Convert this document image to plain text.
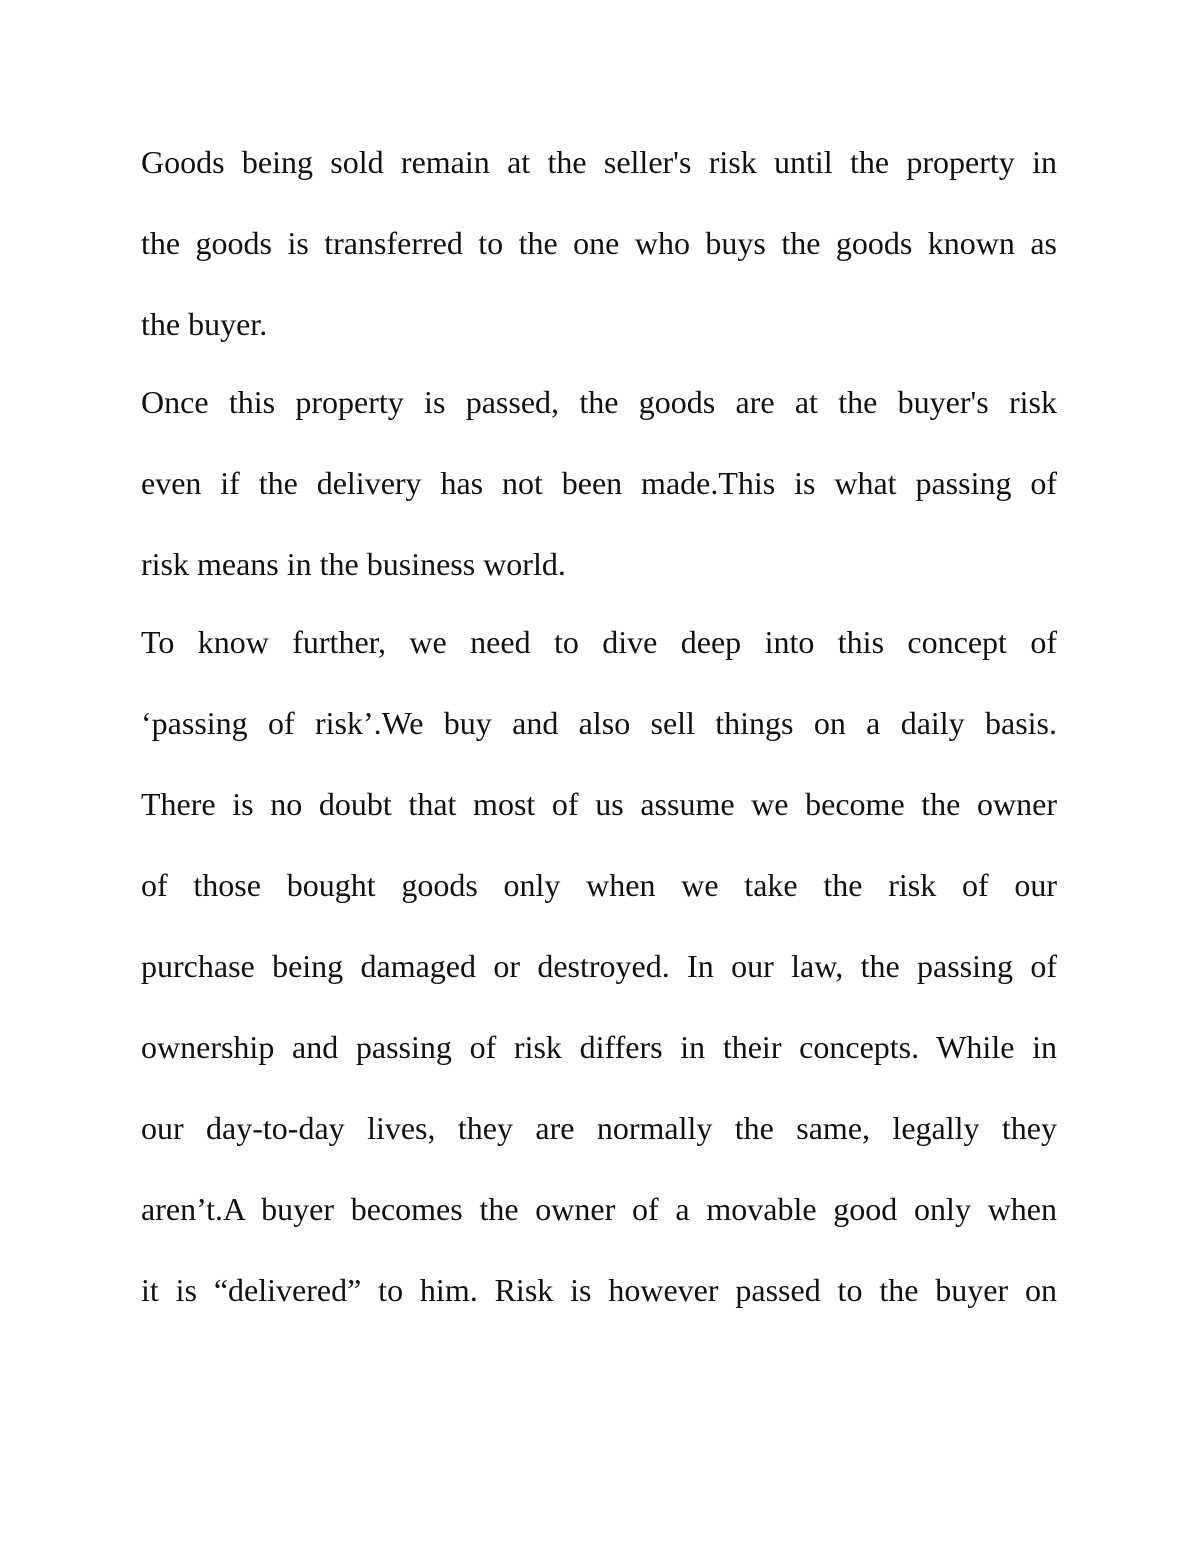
Goods being sold remain at the seller's risk until the property in
the goods is transferred to the one who buys the goods known as
the buyer.
Once this property is passed, the goods are at the buyer's risk
even if the delivery has not been made.This is what passing of
risk means in the business world.
To know further, we need to dive deep into this concept of
‘passing of risk’.We buy and also sell things on a daily basis.
There is no doubt that most of us assume we become the owner
of those bought goods only when we take the risk of our
purchase being damaged or destroyed. In our law, the passing of
ownership and passing of risk differs in their concepts. While in
our day-to-day lives, they are normally the same, legally they
aren’t.A buyer becomes the owner of a movable good only when
it is “delivered” to him. Risk is however passed to the buyer on
